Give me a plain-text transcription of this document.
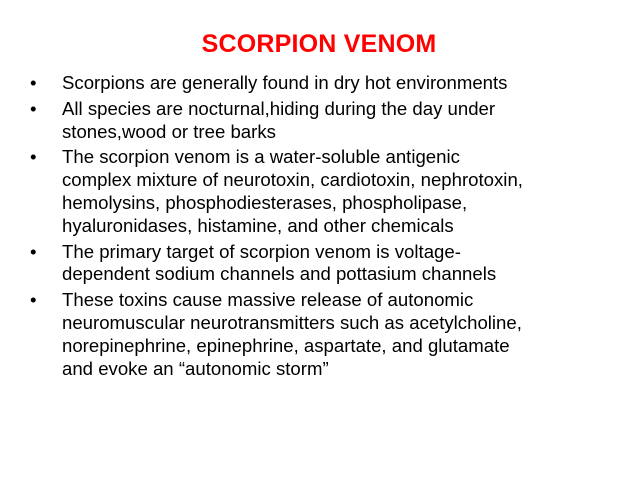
SCORPION VENOM
•	Scorpions are generally found in dry hot environments
•	All species are nocturnal,hiding during the day under
stones,wood or tree barks
•	The scorpion venom is a water-soluble antigenic
complex mixture of neurotoxin, cardiotoxin, nephrotoxin,
hemolysins, phosphodiesterases, phospholipase,
hyaluronidases, histamine, and other chemicals
•	The primary target of scorpion venom is voltage-
dependent sodium channels and pottasium channels
•	These toxins cause massive release of autonomic
neuromuscular neurotransmitters such as acetylcholine,
norepinephrine, epinephrine, aspartate, and glutamate
and evoke an “autonomic storm”
